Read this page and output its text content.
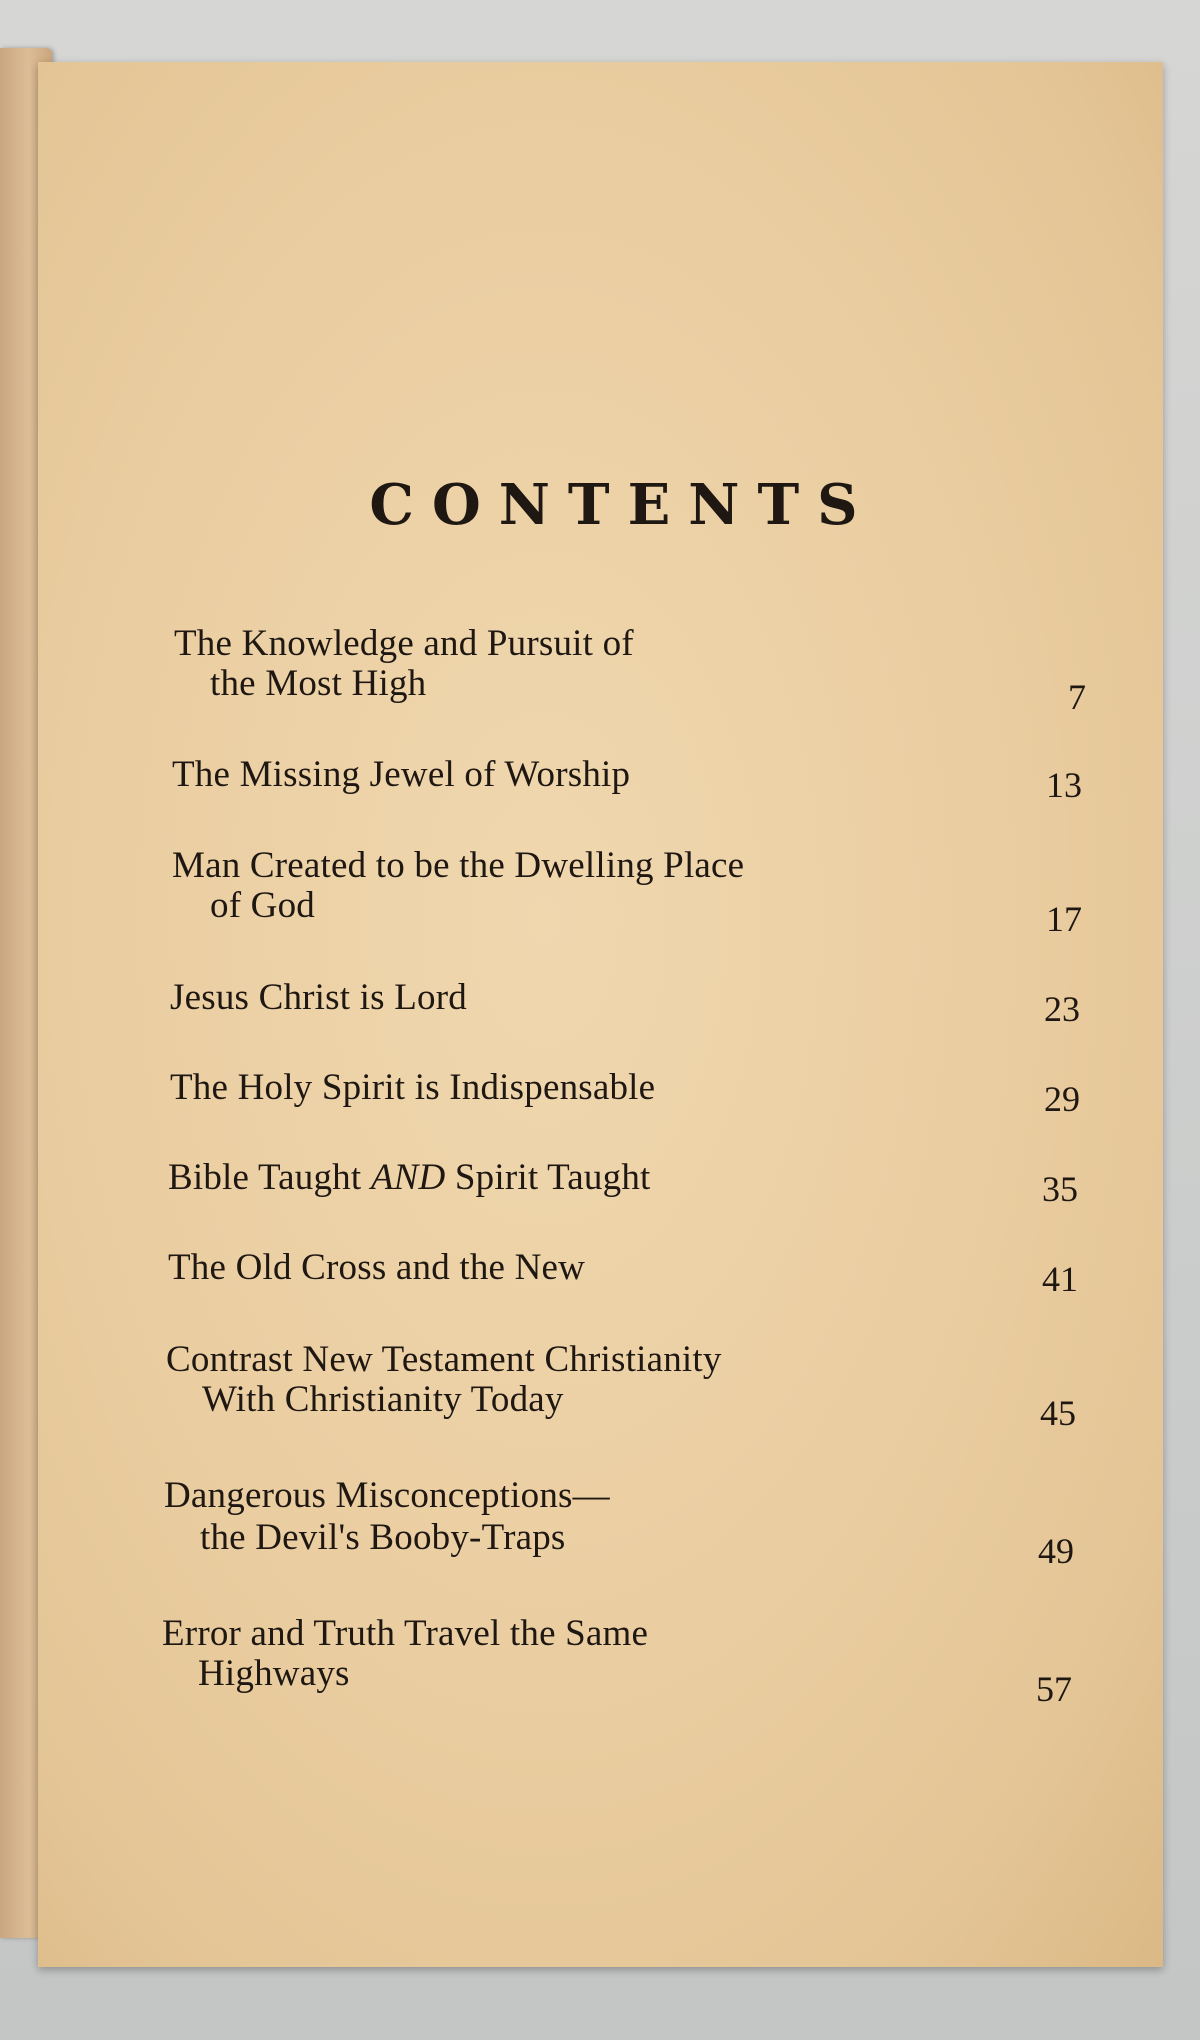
CONTENTS
The Knowledge and Pursuit of
the Most High	7
The Missing Jewel of Worship	13
Man Created to be the Dwelling Place
of God	17
Jesus Christ is Lord	23
The Holy Spirit is Indispensable	29
Bible Taught AND Spirit Taught	35
The Old Cross and the New	41
Contrast New Testament Christianity
With Christianity Today	45
Dangerous Misconceptions—
the Devil's Booby-Traps	49
Error and Truth Travel the Same
Highways	57
